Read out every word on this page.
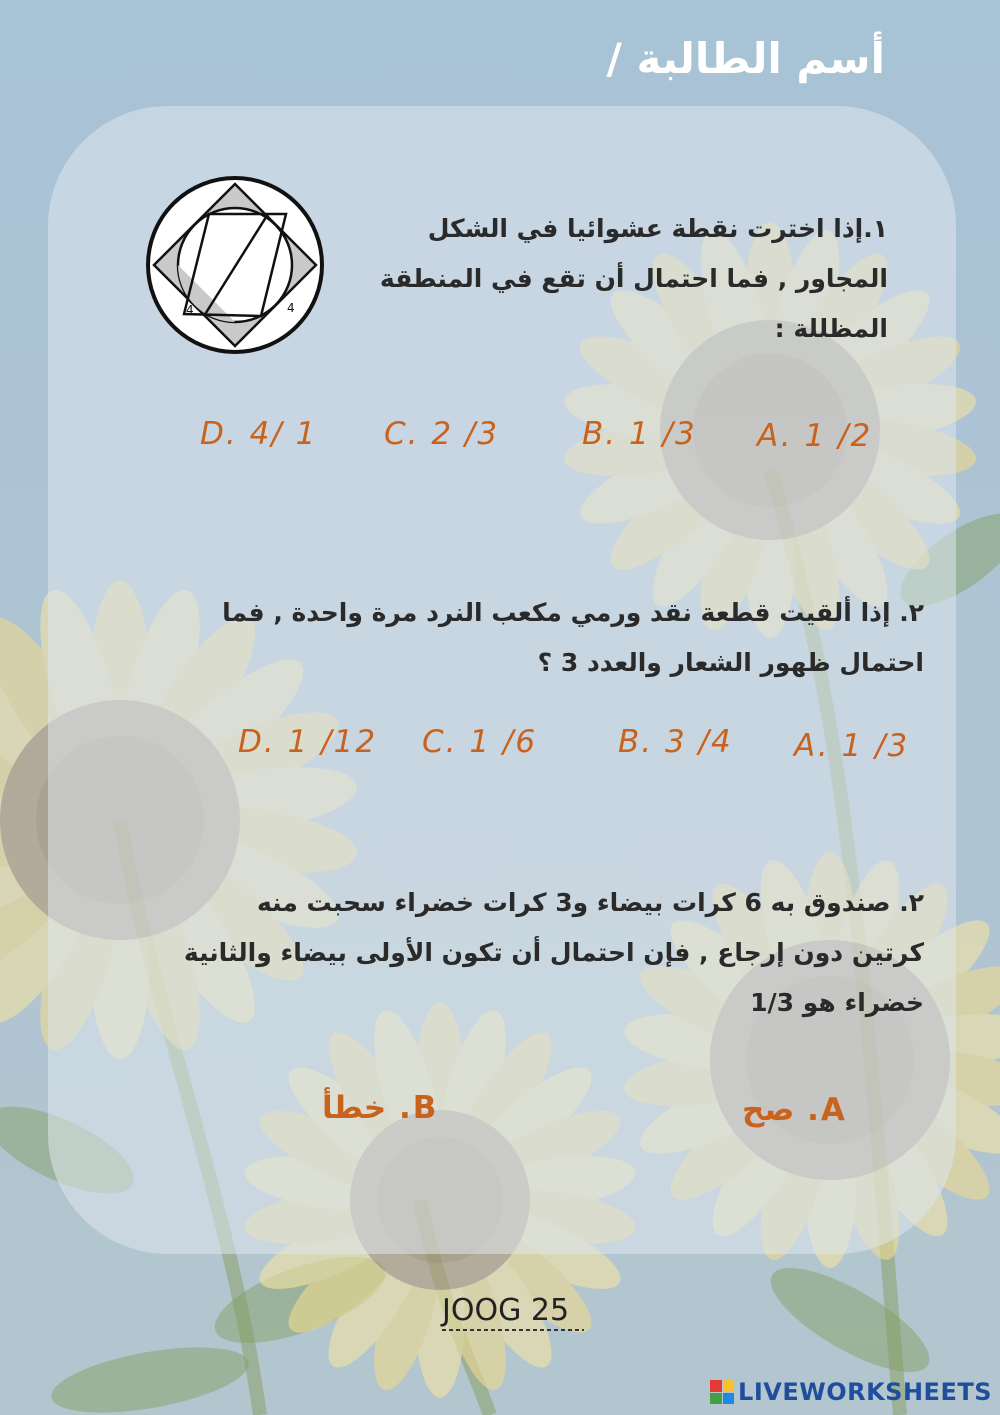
أسم الطالبة /
١.إذا اخترت نقطة عشوائيا في الشكل
المجاور , فما احتمال أن تقع في المنطقة
المظللة :
4	4
A. 1 /2
B. 1 /3
C. 2 /3
D. 4/ 1
٢. إذا ألقيت قطعة نقد ورمي مكعب النرد مرة واحدة , فما
احتمال ظهور الشعار والعدد 3 ؟
A. 1 /3
B. 3 /4
C. 1 /6
D. 1 /12
٢. صندوق به 6 كرات بيضاء و3 كرات خضراء سحبت منه
كرتين دون إرجاع , فإن احتمال أن تكون الأولى بيضاء والثانية
خضراء هو 1/3
A. صح
B. خطأ
JOOG 25
LIVEWORKSHEETS
